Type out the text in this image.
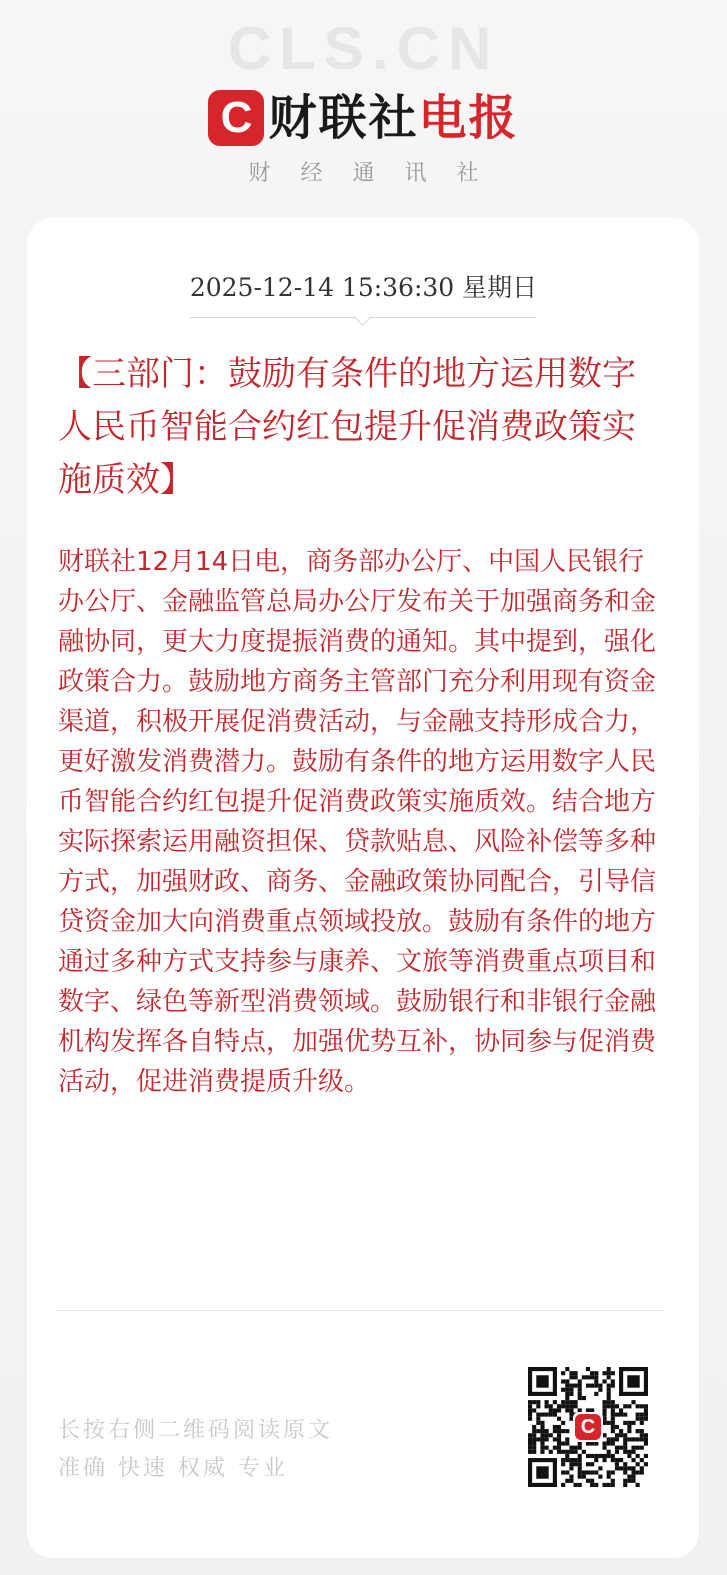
CLS.CN
C 财联社 电报
财经通讯社
2025-12-14 15:36:30 星期日
【三部门：鼓励有条件的地方运用数字人民币智能合约红包提升促消费政策实施质效】
财联社12月14日电，商务部办公厅、中国人民银行办公厅、金融监管总局办公厅发布关于加强商务和金融协同，更大力度提振消费的通知。其中提到，强化政策合力。鼓励地方商务主管部门充分利用现有资金渠道，积极开展促消费活动，与金融支持形成合力，更好激发消费潜力。鼓励有条件的地方运用数字人民币智能合约红包提升促消费政策实施质效。结合地方实际探索运用融资担保、贷款贴息、风险补偿等多种方式，加强财政、商务、金融政策协同配合，引导信贷资金加大向消费重点领域投放。鼓励有条件的地方通过多种方式支持参与康养、文旅等消费重点项目和数字、绿色等新型消费领域。鼓励银行和非银行金融机构发挥各自特点，加强优势互补，协同参与促消费活动，促进消费提质升级。
长按右侧二维码阅读原文
准确 快速 权威 专业
C
